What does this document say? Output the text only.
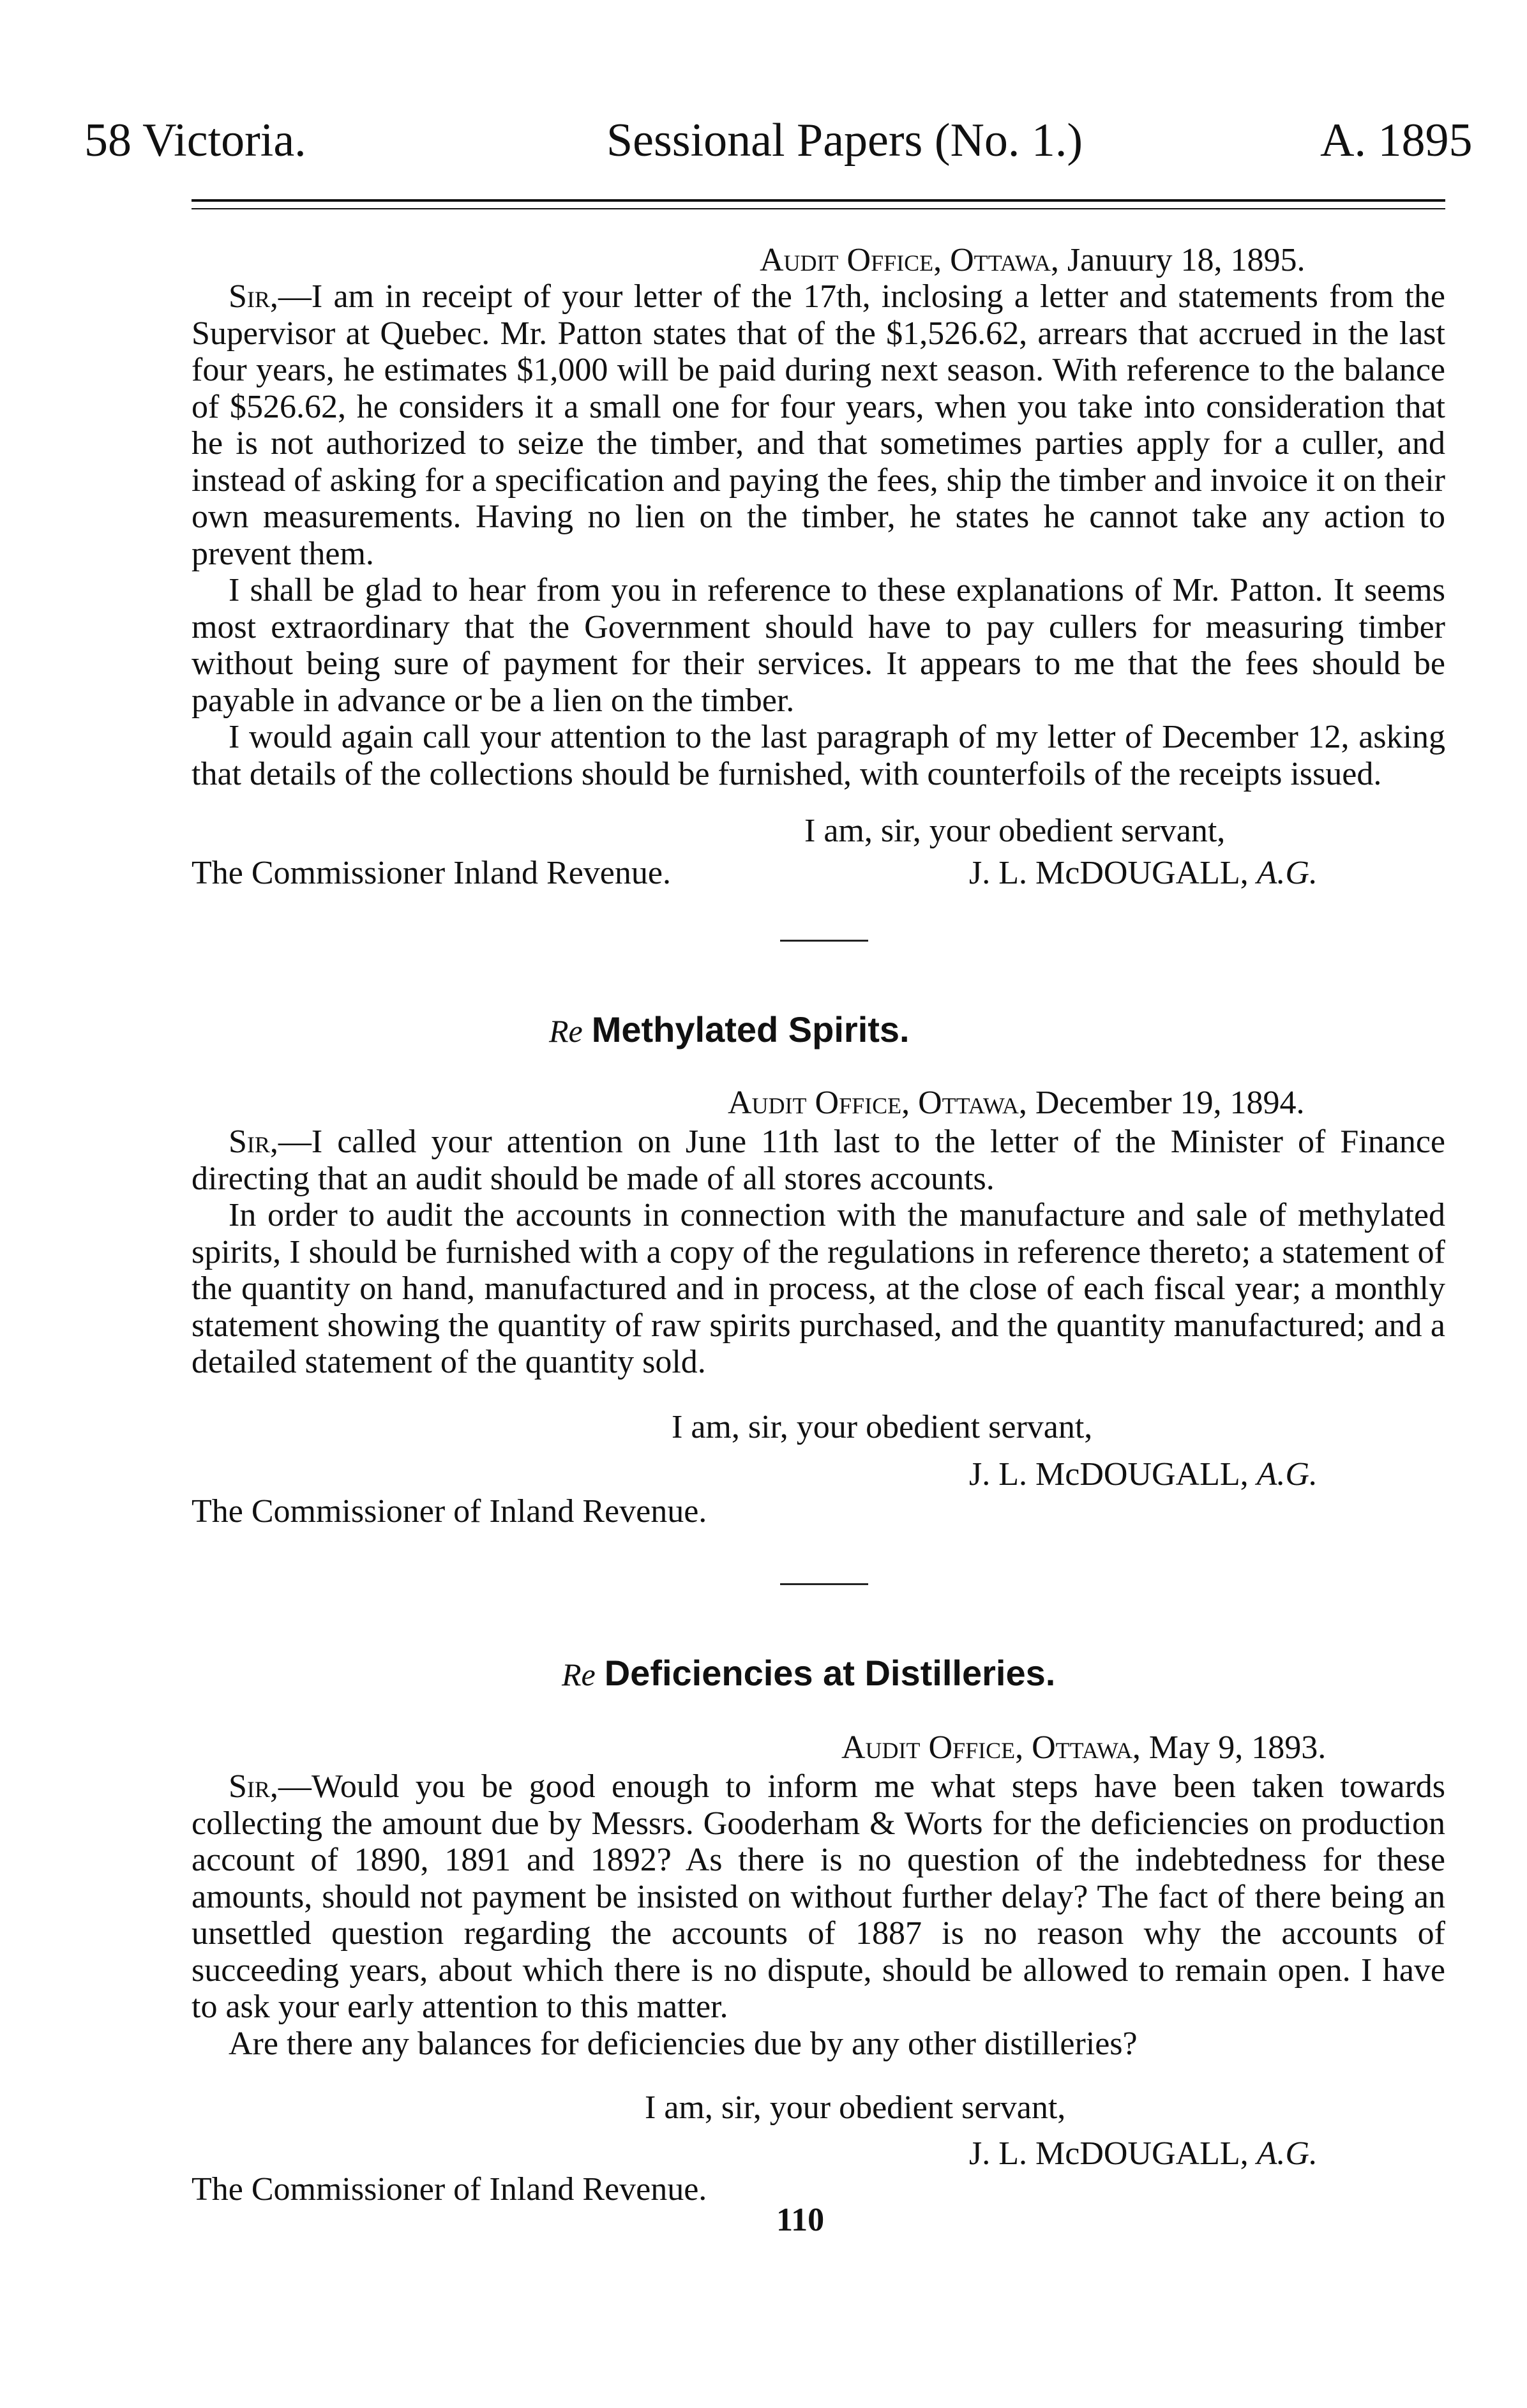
58 Victoria.	Sessional Papers (No. 1.)	A. 1895
Audit Office, Ottawa, Januury 18, 1895.

Sir,—I am in receipt of your letter of the 17th, inclosing a letter and statements from the Supervisor at Quebec. Mr. Patton states that of the $1,526.62, arrears that accrued in the last four years, he estimates $1,000 will be paid during next season. With reference to the balance of $526.62, he considers it a small one for four years, when you take into consideration that he is not authorized to seize the timber, and that sometimes parties apply for a culler, and instead of asking for a specification and paying the fees, ship the timber and invoice it on their own measurements. Having no lien on the timber, he states he cannot take any action to prevent them.

I shall be glad to hear from you in reference to these explanations of Mr. Patton. It seems most extraordinary that the Government should have to pay cullers for measuring timber without being sure of payment for their services. It appears to me that the fees should be payable in advance or be a lien on the timber.

I would again call your attention to the last paragraph of my letter of December 12, asking that details of the collections should be furnished, with counterfoils of the receipts issued.

I am, sir, your obedient servant,
The Commissioner Inland Revenue.	J. L. McDOUGALL, A.G.
Re Methylated Spirits.
Audit Office, Ottawa, December 19, 1894.

Sir,—I called your attention on June 11th last to the letter of the Minister of Finance directing that an audit should be made of all stores accounts.

In order to audit the accounts in connection with the manufacture and sale of methylated spirits, I should be furnished with a copy of the regulations in reference thereto; a statement of the quantity on hand, manufactured and in process, at the close of each fiscal year; a monthly statement showing the quantity of raw spirits purchased, and the quantity manufactured; and a detailed statement of the quantity sold.

I am, sir, your obedient servant,
J. L. McDOUGALL, A.G.
The Commissioner of Inland Revenue.
Re Deficiencies at Distilleries.
Audit Office, Ottawa, May 9, 1893.

Sir,—Would you be good enough to inform me what steps have been taken towards collecting the amount due by Messrs. Gooderham & Worts for the deficiencies on production account of 1890, 1891 and 1892? As there is no question of the indebtedness for these amounts, should not payment be insisted on without further delay? The fact of there being an unsettled question regarding the accounts of 1887 is no reason why the accounts of succeeding years, about which there is no dispute, should be allowed to remain open. I have to ask your early attention to this matter.

Are there any balances for deficiencies due by any other distilleries?

I am, sir, your obedient servant,
J. L. McDOUGALL, A.G.
The Commissioner of Inland Revenue.
110
